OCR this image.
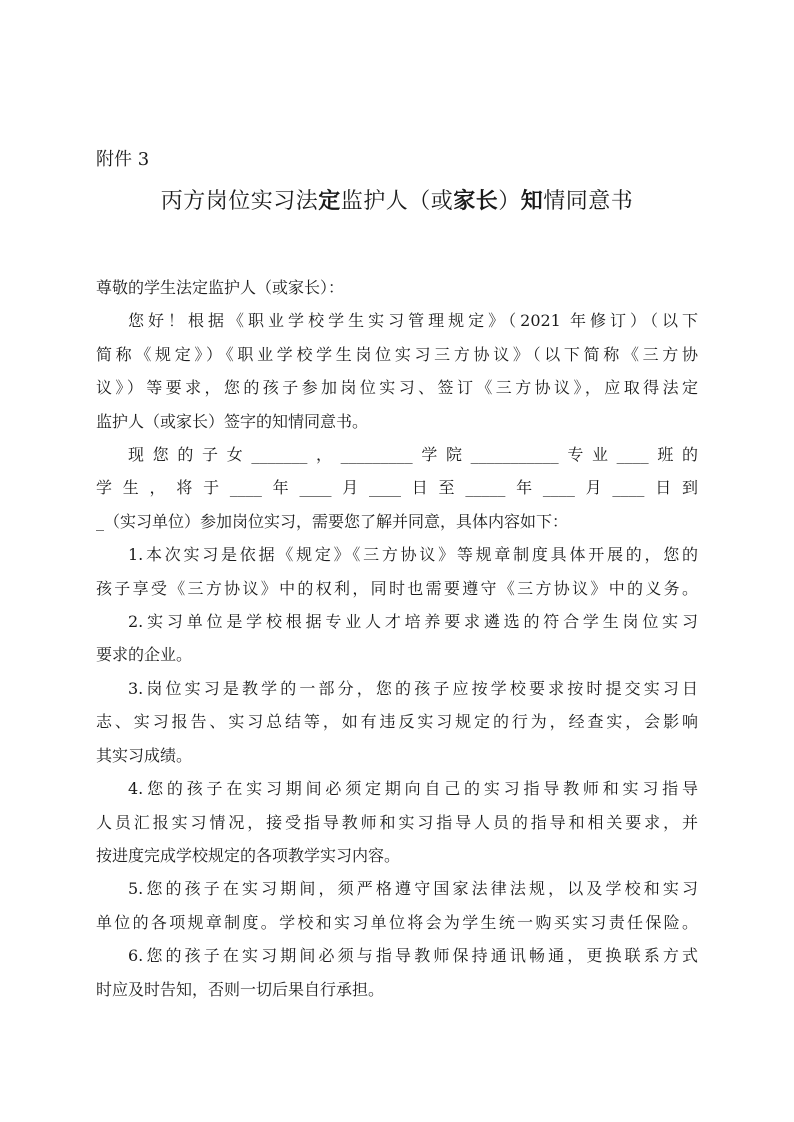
附件 3
丙方岗位实习法定监护人（或家长）知情同意书
尊敬的学生法定监护人（或家长）：
您好！根据《职业学校学生实习管理规定》（2021 年修订）（以下
简称《规定》）《职业学校学生岗位实习三方协议》（以下简称《三方协
议》）等要求，您的孩子参加岗位实习、签订《三方协议》，应取得法定
监护人（或家长）签字的知情同意书。
现您的子女_______，_________学院___________专业____班的
学生，将于____年____月____日至_____年____月____日到
_（实习单位）参加岗位实习，需要您了解并同意，具体内容如下：
1.本次实习是依据《规定》《三方协议》等规章制度具体开展的，您的
孩子享受《三方协议》中的权利，同时也需要遵守《三方协议》中的义务。
2.实习单位是学校根据专业人才培养要求遴选的符合学生岗位实习
要求的企业。
3.岗位实习是教学的一部分，您的孩子应按学校要求按时提交实习日
志、实习报告、实习总结等，如有违反实习规定的行为，经查实，会影响
其实习成绩。
4.您的孩子在实习期间必须定期向自己的实习指导教师和实习指导
人员汇报实习情况，接受指导教师和实习指导人员的指导和相关要求，并
按进度完成学校规定的各项教学实习内容。
5.您的孩子在实习期间，须严格遵守国家法律法规，以及学校和实习
单位的各项规章制度。学校和实习单位将会为学生统一购买实习责任保险。
6.您的孩子在实习期间必须与指导教师保持通讯畅通，更换联系方式
时应及时告知，否则一切后果自行承担。
